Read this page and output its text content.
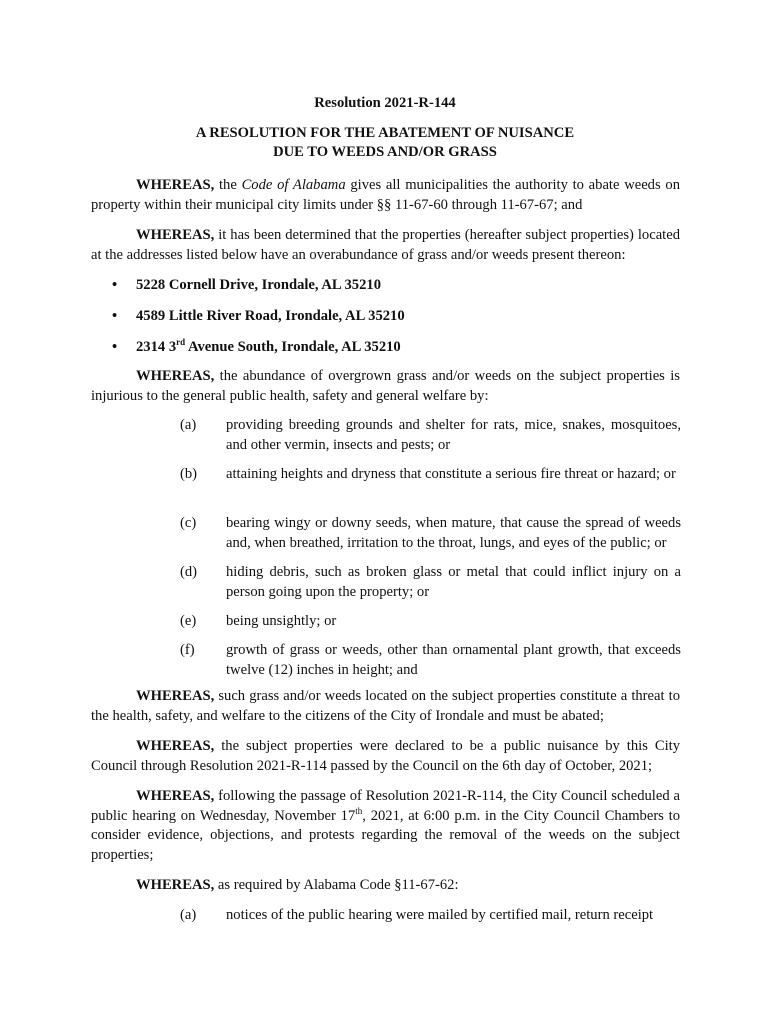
Resolution 2021-R-144
A RESOLUTION FOR THE ABATEMENT OF NUISANCE
DUE TO WEEDS AND/OR GRASS

WHEREAS, the Code of Alabama gives all municipalities the authority to abate weeds on property within their municipal city limits under §§ 11-67-60 through 11-67-67; and

WHEREAS, it has been determined that the properties (hereafter subject properties) located at the addresses listed below have an overabundance of grass and/or weeds present thereon:

• 5228 Cornell Drive, Irondale, AL 35210
• 4589 Little River Road, Irondale, AL 35210
• 2314 3rd Avenue South, Irondale, AL 35210

WHEREAS, the abundance of overgrown grass and/or weeds on the subject properties is injurious to the general public health, safety and general welfare by:

(a) providing breeding grounds and shelter for rats, mice, snakes, mosquitoes, and other vermin, insects and pests; or
(b) attaining heights and dryness that constitute a serious fire threat or hazard; or
(c) bearing wingy or downy seeds, when mature, that cause the spread of weeds and, when breathed, irritation to the throat, lungs, and eyes of the public; or
(d) hiding debris, such as broken glass or metal that could inflict injury on a person going upon the property; or
(e) being unsightly; or
(f) growth of grass or weeds, other than ornamental plant growth, that exceeds twelve (12) inches in height; and

WHEREAS, such grass and/or weeds located on the subject properties constitute a threat to the health, safety, and welfare to the citizens of the City of Irondale and must be abated;

WHEREAS, the subject properties were declared to be a public nuisance by this City Council through Resolution 2021-R-114 passed by the Council on the 6th day of October, 2021;

WHEREAS, following the passage of Resolution 2021-R-114, the City Council scheduled a public hearing on Wednesday, November 17th, 2021, at 6:00 p.m. in the City Council Chambers to consider evidence, objections, and protests regarding the removal of the weeds on the subject properties;

WHEREAS, as required by Alabama Code §11-67-62:

(a) notices of the public hearing were mailed by certified mail, return receipt
